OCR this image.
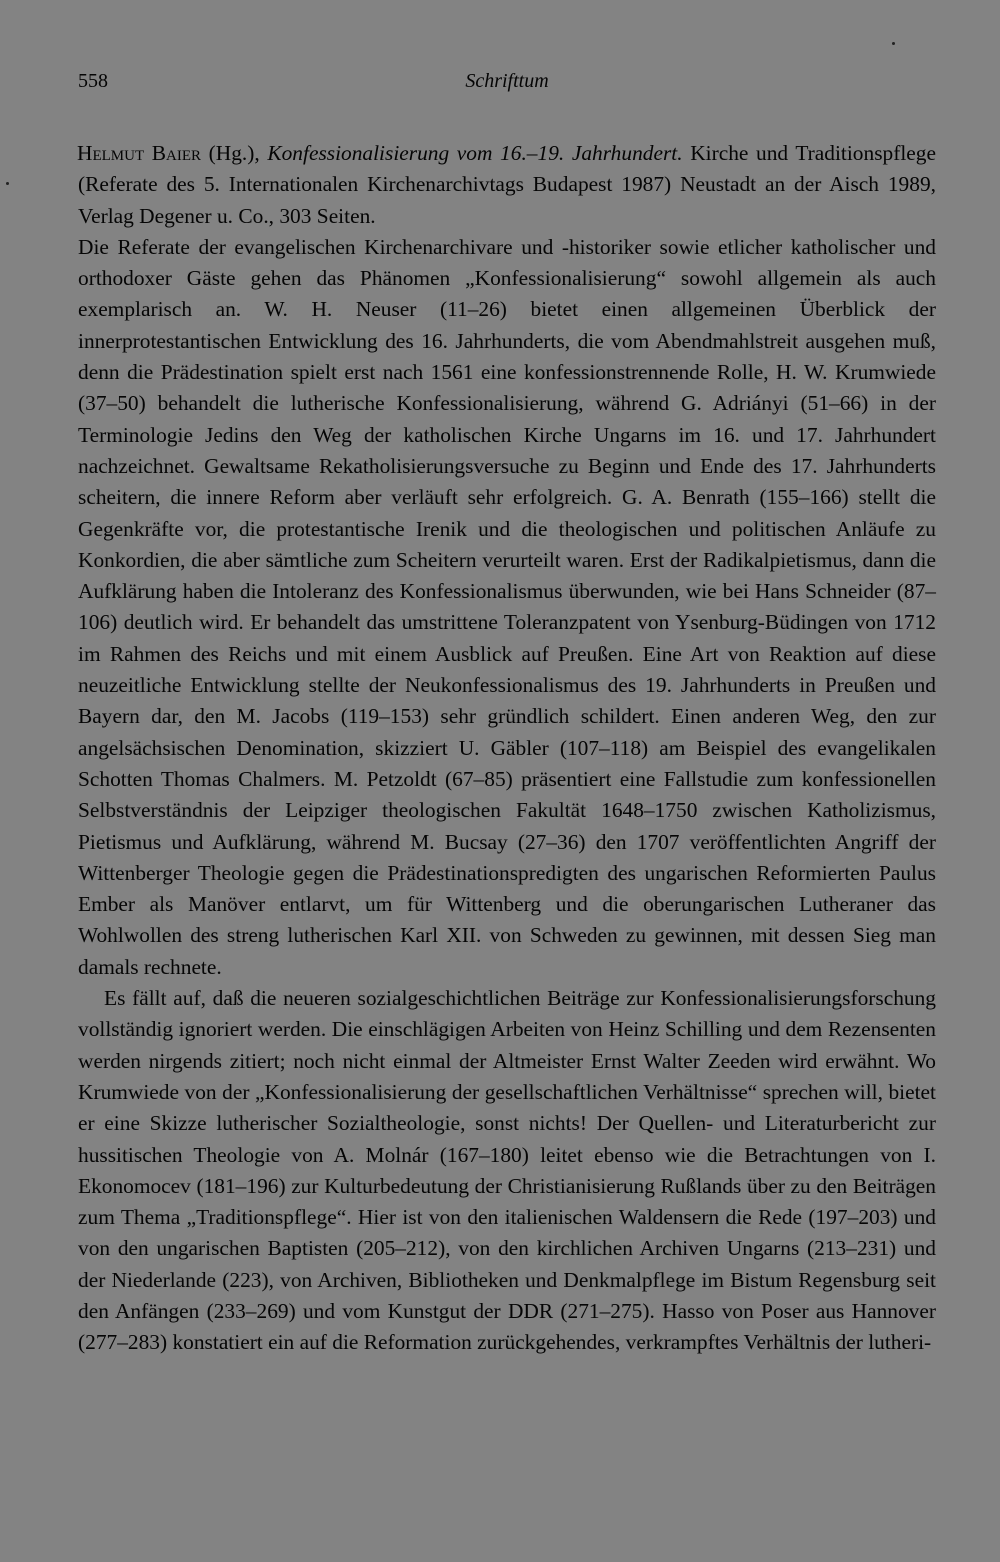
558	Schrifttum

Helmut Baier (Hg.), Konfessionalisierung vom 16.–19. Jahrhundert. Kirche und Traditionspflege (Referate des 5. Internationalen Kirchenarchivtags Budapest 1987) Neustadt an der Aisch 1989, Verlag Degener u. Co., 303 Seiten.

Die Referate der evangelischen Kirchenarchivare und -historiker sowie etlicher katholischer und orthodoxer Gäste gehen das Phänomen „Konfessionalisierung“ sowohl allgemein als auch exemplarisch an. W. H. Neuser (11–26) bietet einen allgemeinen Überblick der innerprotestantischen Entwicklung des 16. Jahrhunderts, die vom Abendmahlstreit ausgehen muß, denn die Prädestination spielt erst nach 1561 eine konfessionstrennende Rolle, H. W. Krumwiede (37–50) behandelt die lutherische Konfessionalisierung, während G. Adriányi (51–66) in der Terminologie Jedins den Weg der katholischen Kirche Ungarns im 16. und 17. Jahrhundert nachzeichnet. Gewaltsame Rekatholisierungsversuche zu Beginn und Ende des 17. Jahrhunderts scheitern, die innere Reform aber verläuft sehr erfolgreich. G. A. Benrath (155–166) stellt die Gegenkräfte vor, die protestantische Irenik und die theologischen und politischen Anläufe zu Konkordien, die aber sämtliche zum Scheitern verurteilt waren. Erst der Radikalpietismus, dann die Aufklärung haben die Intoleranz des Konfessionalismus überwunden, wie bei Hans Schneider (87–106) deutlich wird. Er behandelt das umstrittene Toleranzpatent von Ysenburg-Büdingen von 1712 im Rahmen des Reichs und mit einem Ausblick auf Preußen. Eine Art von Reaktion auf diese neuzeitliche Entwicklung stellte der Neukonfessionalismus des 19. Jahrhunderts in Preußen und Bayern dar, den M. Jacobs (119–153) sehr gründlich schildert. Einen anderen Weg, den zur angelsächsischen Denomination, skizziert U. Gäbler (107–118) am Beispiel des evangelikalen Schotten Thomas Chalmers. M. Petzoldt (67–85) präsentiert eine Fallstudie zum konfessionellen Selbstverständnis der Leipziger theologischen Fakultät 1648–1750 zwischen Katholizismus, Pietismus und Aufklärung, während M. Bucsay (27–36) den 1707 veröffentlichten Angriff der Wittenberger Theologie gegen die Prädestinationspredigten des ungarischen Reformierten Paulus Ember als Manöver entlarvt, um für Wittenberg und die oberungarischen Lutheraner das Wohlwollen des streng lutherischen Karl XII. von Schweden zu gewinnen, mit dessen Sieg man damals rechnete.

Es fällt auf, daß die neueren sozialgeschichtlichen Beiträge zur Konfessionalisierungsforschung vollständig ignoriert werden. Die einschlägigen Arbeiten von Heinz Schilling und dem Rezensenten werden nirgends zitiert; noch nicht einmal der Altmeister Ernst Walter Zeeden wird erwähnt. Wo Krumwiede von der „Konfessionalisierung der gesellschaftlichen Verhältnisse“ sprechen will, bietet er eine Skizze lutherischer Sozialtheologie, sonst nichts! Der Quellen- und Literaturbericht zur hussitischen Theologie von A. Molnár (167–180) leitet ebenso wie die Betrachtungen von I. Ekonomocev (181–196) zur Kulturbedeutung der Christianisierung Rußlands über zu den Beiträgen zum Thema „Traditionspflege“. Hier ist von den italienischen Waldensern die Rede (197–203) und von den ungarischen Baptisten (205–212), von den kirchlichen Archiven Ungarns (213–231) und der Niederlande (223), von Archiven, Bibliotheken und Denkmalpflege im Bistum Regensburg seit den Anfängen (233–269) und vom Kunstgut der DDR (271–275). Hasso von Poser aus Hannover (277–283) konstatiert ein auf die Reformation zurückgehendes, verkrampftes Verhältnis der lutheri-
